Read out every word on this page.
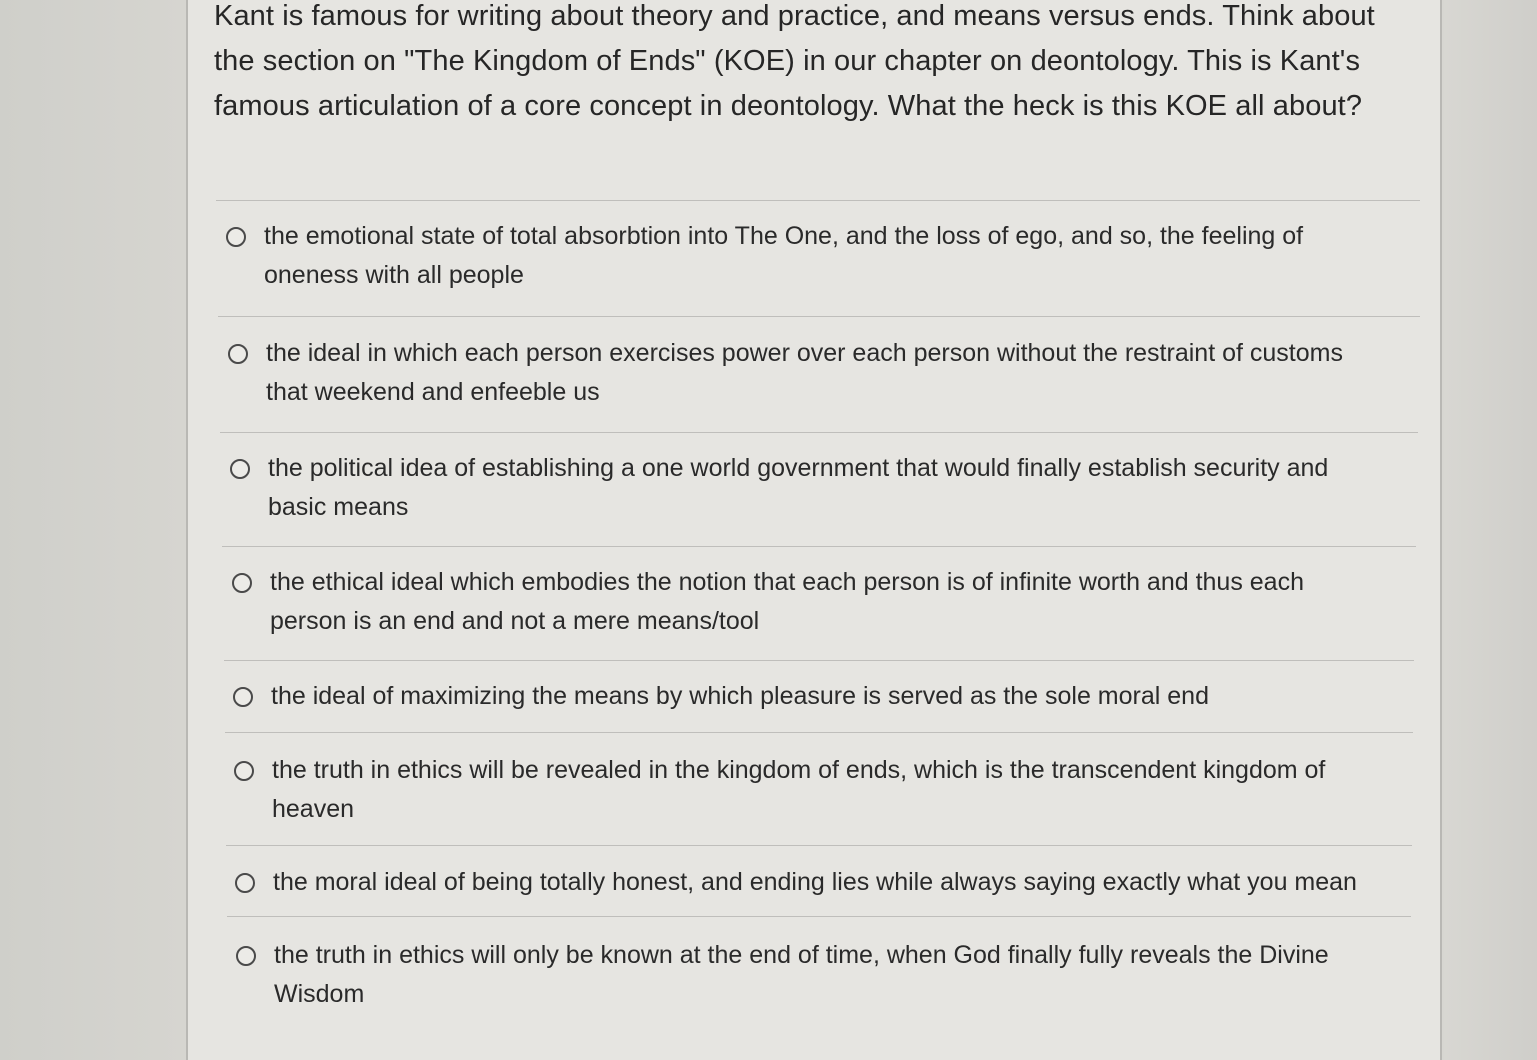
Kant is famous for writing about theory and practice, and means versus ends. Think about the section on "The Kingdom of Ends" (KOE) in our chapter on deontology. This is Kant's famous articulation of a core concept in deontology. What the heck is this KOE all about?

the emotional state of total absorbtion into The One, and the loss of ego, and so, the feeling of oneness with all people
the ideal in which each person exercises power over each person without the restraint of customs that weekend and enfeeble us
the political idea of establishing a one world government that would finally establish security and basic means
the ethical ideal which embodies the notion that each person is of infinite worth and thus each person is an end and not a mere means/tool
the ideal of maximizing the means by which pleasure is served as the sole moral end
the truth in ethics will be revealed in the kingdom of ends, which is the transcendent kingdom of heaven
the moral ideal of being totally honest, and ending lies while always saying exactly what you mean
the truth in ethics will only be known at the end of time, when God finally fully reveals the Divine Wisdom
